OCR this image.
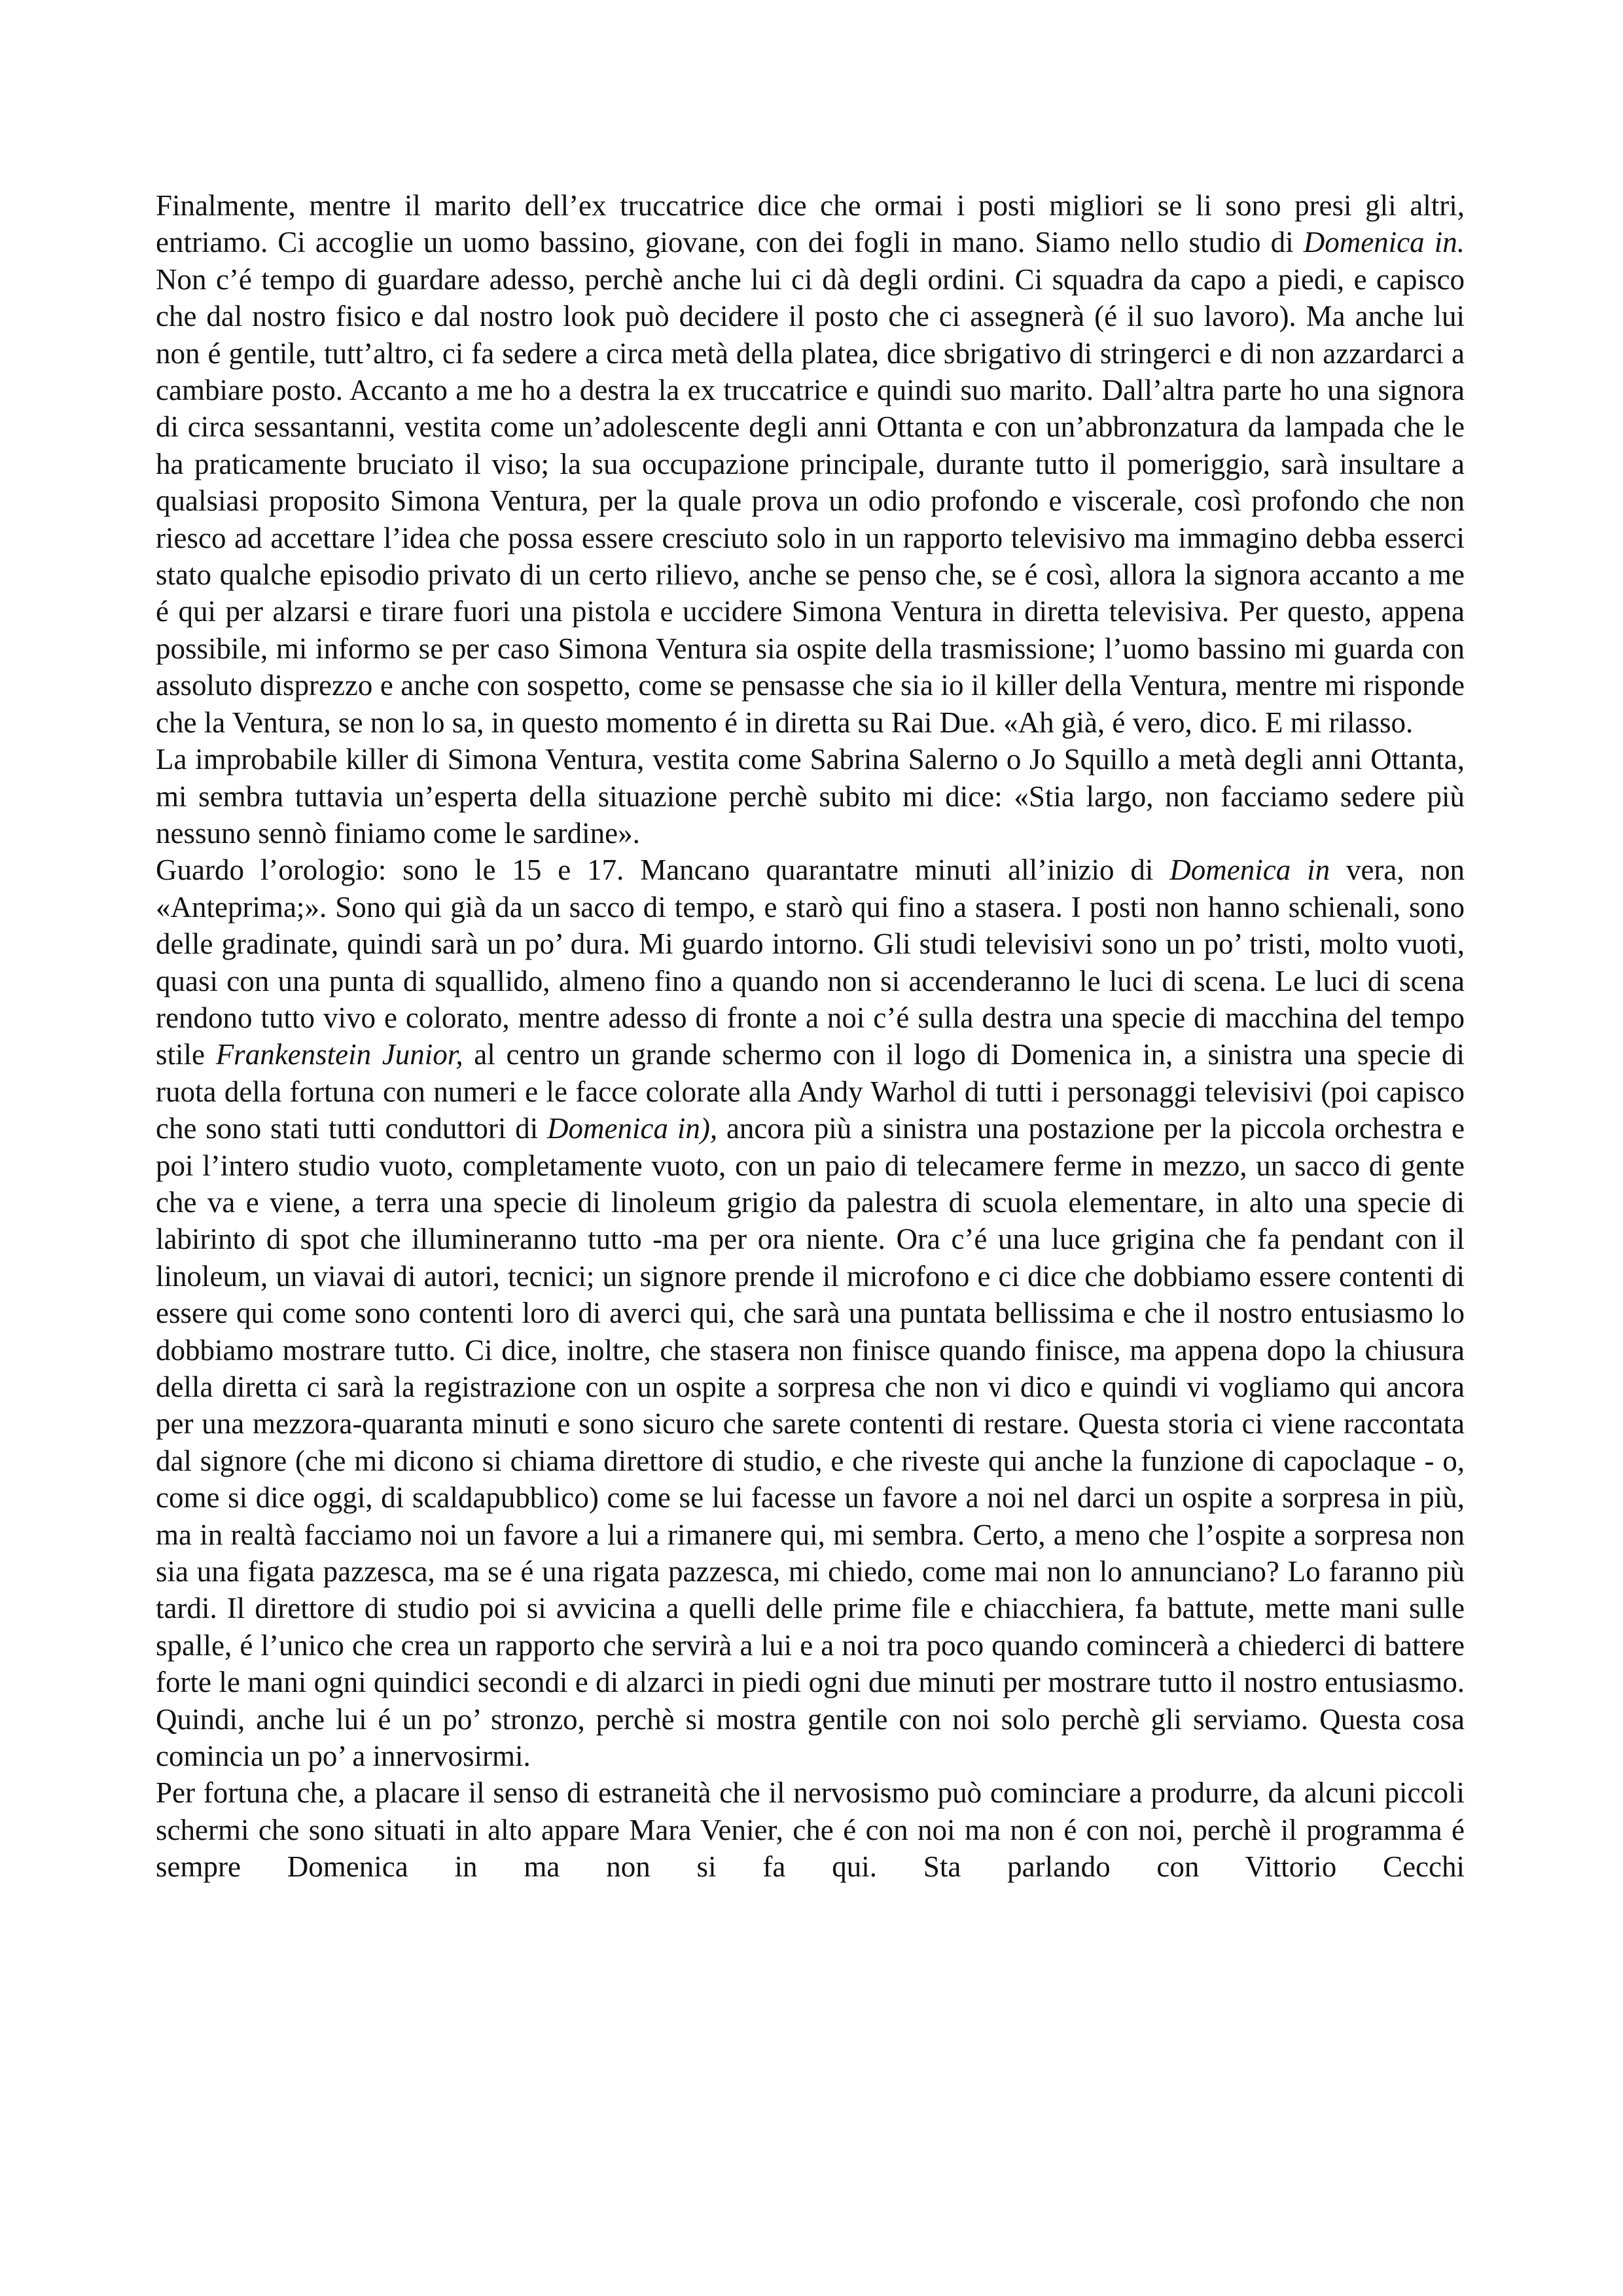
Finalmente, mentre il marito dell’ex truccatrice dice che ormai i posti migliori se li sono presi gli altri, entriamo. Ci accoglie un uomo bassino, giovane, con dei fogli in mano. Siamo nello studio di Domenica in. Non c’é tempo di guardare adesso, perchè anche lui ci dà degli ordini. Ci squadra da capo a piedi, e capisco che dal nostro fisico e dal nostro look può decidere il posto che ci assegnerà (é il suo lavoro). Ma anche lui non é gentile, tutt’altro, ci fa sedere a circa metà della platea, dice sbrigativo di stringerci e di non azzardarci a cambiare posto. Accanto a me ho a destra la ex truccatrice e quindi suo marito. Dall’altra parte ho una signora di circa sessantanni, vestita come un’adolescente degli anni Ottanta e con un’abbronzatura da lampada che le ha praticamente bruciato il viso; la sua occupazione principale, durante tutto il pomeriggio, sarà insultare a qualsiasi proposito Simona Ventura, per la quale prova un odio profondo e viscerale, così profondo che non riesco ad accettare l’idea che possa essere cresciuto solo in un rapporto televisivo ma immagino debba esserci stato qualche episodio privato di un certo rilievo, anche se penso che, se é così, allora la signora accanto a me é qui per alzarsi e tirare fuori una pistola e uccidere Simona Ventura in diretta televisiva. Per questo, appena possibile, mi informo se per caso Simona Ventura sia ospite della trasmissione; l’uomo bassino mi guarda con assoluto disprezzo e anche con sospetto, come se pensasse che sia io il killer della Ventura, mentre mi risponde che la Ventura, se non lo sa, in questo momento é in diretta su Rai Due. «Ah già, é vero, dico. E mi rilasso.

La improbabile killer di Simona Ventura, vestita come Sabrina Salerno o Jo Squillo a metà degli anni Ottanta, mi sembra tuttavia un’esperta della situazione perchè subito mi dice: «Stia largo, non facciamo sedere più nessuno sennò finiamo come le sardine».

Guardo l’orologio: sono le 15 e 17. Mancano quarantatre minuti all’inizio di Domenica in vera, non «Anteprima;». Sono qui già da un sacco di tempo, e starò qui fino a stasera. I posti non hanno schienali, sono delle gradinate, quindi sarà un po’ dura. Mi guardo intorno. Gli studi televisivi sono un po’ tristi, molto vuoti, quasi con una punta di squallido, almeno fino a quando non si accenderanno le luci di scena. Le luci di scena rendono tutto vivo e colorato, mentre adesso di fronte a noi c’é sulla destra una specie di macchina del tempo stile Frankenstein Junior, al centro un grande schermo con il logo di Domenica in, a sinistra una specie di ruota della fortuna con numeri e le facce colorate alla Andy Warhol di tutti i personaggi televisivi (poi capisco che sono stati tutti conduttori di Domenica in), ancora più a sinistra una postazione per la piccola orchestra e poi l’intero studio vuoto, completamente vuoto, con un paio di telecamere ferme in mezzo, un sacco di gente che va e viene, a terra una specie di linoleum grigio da palestra di scuola elementare, in alto una specie di labirinto di spot che illumineranno tutto -ma per ora niente. Ora c’é una luce grigina che fa pendant con il linoleum, un viavai di autori, tecnici; un signore prende il microfono e ci dice che dobbiamo essere contenti di essere qui come sono contenti loro di averci qui, che sarà una puntata bellissima e che il nostro entusiasmo lo dobbiamo mostrare tutto. Ci dice, inoltre, che stasera non finisce quando finisce, ma appena dopo la chiusura della diretta ci sarà la registrazione con un ospite a sorpresa che non vi dico e quindi vi vogliamo qui ancora per una mezzora-quaranta minuti e sono sicuro che sarete contenti di restare. Questa storia ci viene raccontata dal signore (che mi dicono si chiama direttore di studio, e che riveste qui anche la funzione di capoclaque - o, come si dice oggi, di scaldapubblico) come se lui facesse un favore a noi nel darci un ospite a sorpresa in più, ma in realtà facciamo noi un favore a lui a rimanere qui, mi sembra. Certo, a meno che l’ospite a sorpresa non sia una figata pazzesca, ma se é una rigata pazzesca, mi chiedo, come mai non lo annunciano? Lo faranno più tardi. Il direttore di studio poi si avvicina a quelli delle prime file e chiacchiera, fa battute, mette mani sulle spalle, é l’unico che crea un rapporto che servirà a lui e a noi tra poco quando comincerà a chiederci di battere forte le mani ogni quindici secondi e di alzarci in piedi ogni due minuti per mostrare tutto il nostro entusiasmo. Quindi, anche lui é un po’ stronzo, perchè si mostra gentile con noi solo perchè gli serviamo. Questa cosa comincia un po’ a innervosirmi.

Per fortuna che, a placare il senso di estraneità che il nervosismo può cominciare a produrre, da alcuni piccoli schermi che sono situati in alto appare Mara Venier, che é con noi ma non é con noi, perchè il programma é sempre Domenica in ma non si fa qui. Sta parlando con Vittorio Cecchi
